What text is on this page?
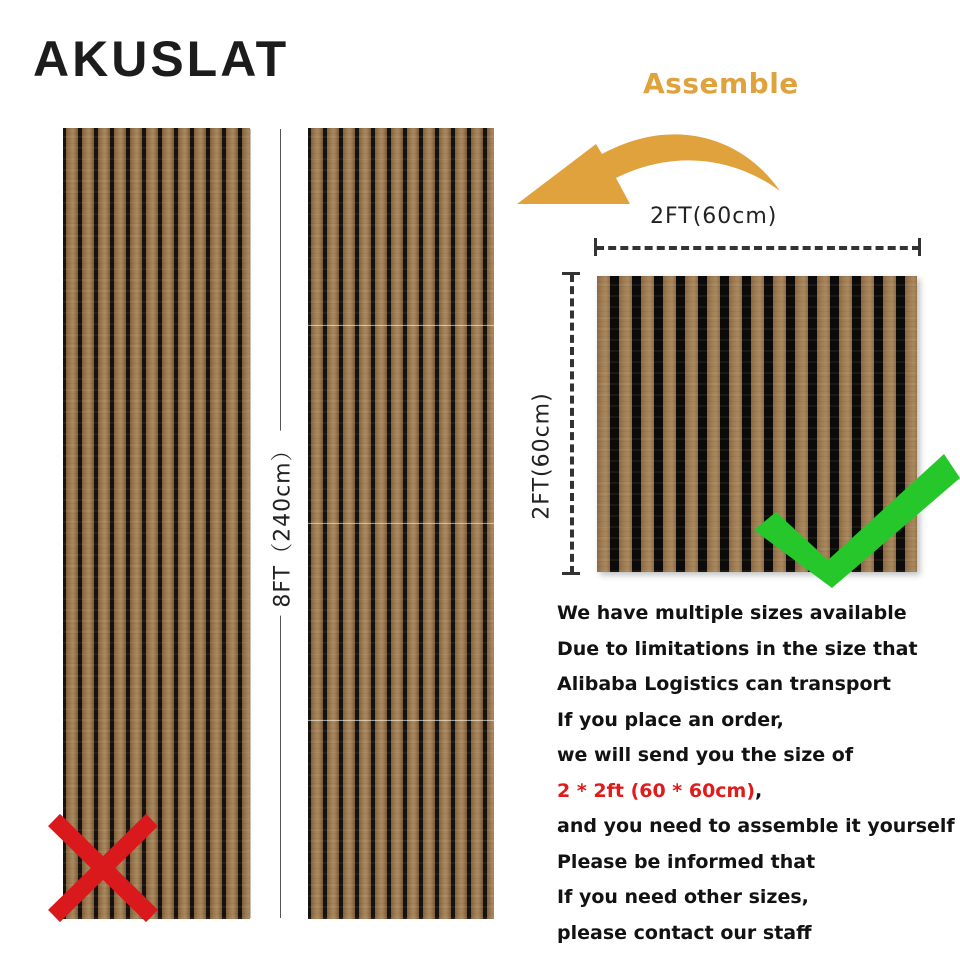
AKUSLAT
8FT（240cm）
Assemble
2FT(60cm)
2FT(60cm)
We have multiple sizes available
Due to limitations in the size that
Alibaba Logistics can transport
If you place an order,
we will send you the size of
2 * 2ft (60 * 60cm),
and you need to assemble it yourself
Please be informed that
If you need other sizes,
please contact our staff
